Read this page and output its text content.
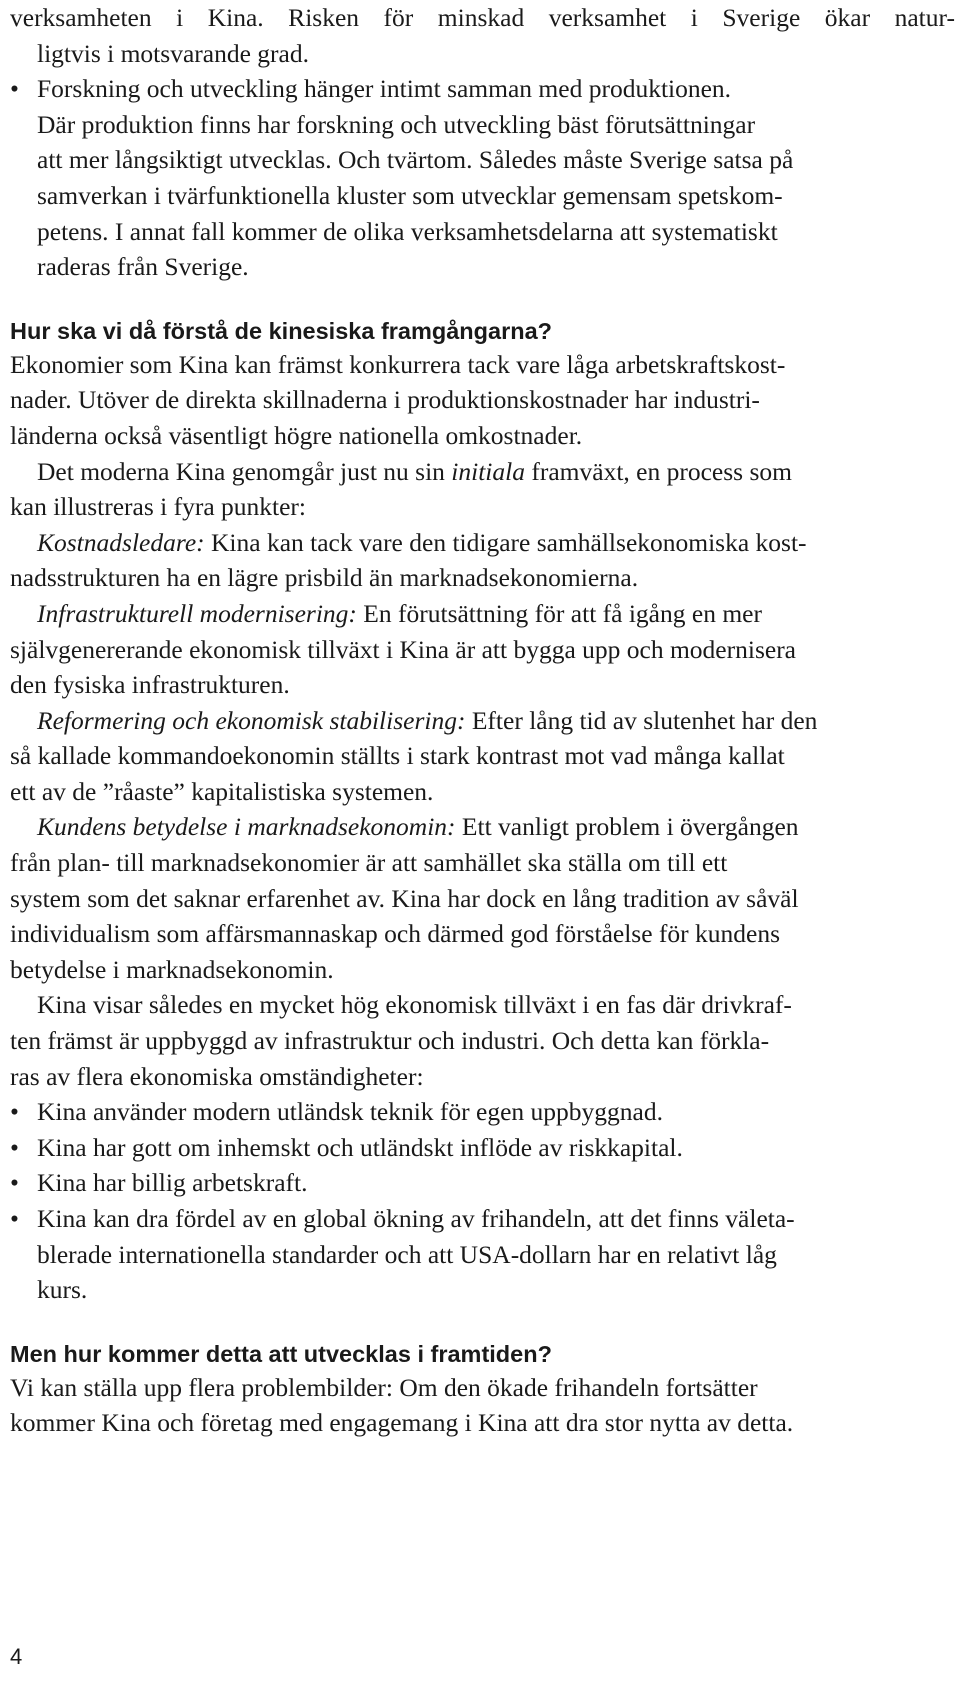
verksamheten i Kina. Risken för minskad verksamhet i Sverige ökar natur-
ligtvis i motsvarande grad.
• Forskning och utveckling hänger intimt samman med produktionen.
Där produktion finns har forskning och utveckling bäst förutsättningar
att mer långsiktigt utvecklas. Och tvärtom. Således måste Sverige satsa på
samverkan i tvärfunktionella kluster som utvecklar gemensam spetskom-
petens. I annat fall kommer de olika verksamhetsdelarna att systematiskt
raderas från Sverige.
Hur ska vi då förstå de kinesiska framgångarna?
Ekonomier som Kina kan främst konkurrera tack vare låga arbetskraftskost-
nader. Utöver de direkta skillnaderna i produktionskostnader har industri-
länderna också väsentligt högre nationella omkostnader.
Det moderna Kina genomgår just nu sin initiala framväxt, en process som
kan illustreras i fyra punkter:
Kostnadsledare: Kina kan tack vare den tidigare samhällsekonomiska kost-
nadsstrukturen ha en lägre prisbild än marknadsekonomierna.
Infrastrukturell modernisering: En förutsättning för att få igång en mer
självgenererande ekonomisk tillväxt i Kina är att bygga upp och modernisera
den fysiska infrastrukturen.
Reformering och ekonomisk stabilisering: Efter lång tid av slutenhet har den
så kallade kommandoekonomin ställts i stark kontrast mot vad många kallat
ett av de ”råaste” kapitalistiska systemen.
Kundens betydelse i marknadsekonomin: Ett vanligt problem i övergången
från plan- till marknadsekonomier är att samhället ska ställa om till ett
system som det saknar erfarenhet av. Kina har dock en lång tradition av såväl
individualism som affärsmannaskap och därmed god förståelse för kundens
betydelse i marknadsekonomin.
Kina visar således en mycket hög ekonomisk tillväxt i en fas där drivkraf-
ten främst är uppbyggd av infrastruktur och industri. Och detta kan förkla-
ras av flera ekonomiska omständigheter:
• Kina använder modern utländsk teknik för egen uppbyggnad.
• Kina har gott om inhemskt och utländskt inflöde av riskkapital.
• Kina har billig arbetskraft.
• Kina kan dra fördel av en global ökning av frihandeln, att det finns väleta-
blerade internationella standarder och att USA-dollarn har en relativt låg
kurs.
Men hur kommer detta att utvecklas i framtiden?
Vi kan ställa upp flera problembilder: Om den ökade frihandeln fortsätter
kommer Kina och företag med engagemang i Kina att dra stor nytta av detta.
4
